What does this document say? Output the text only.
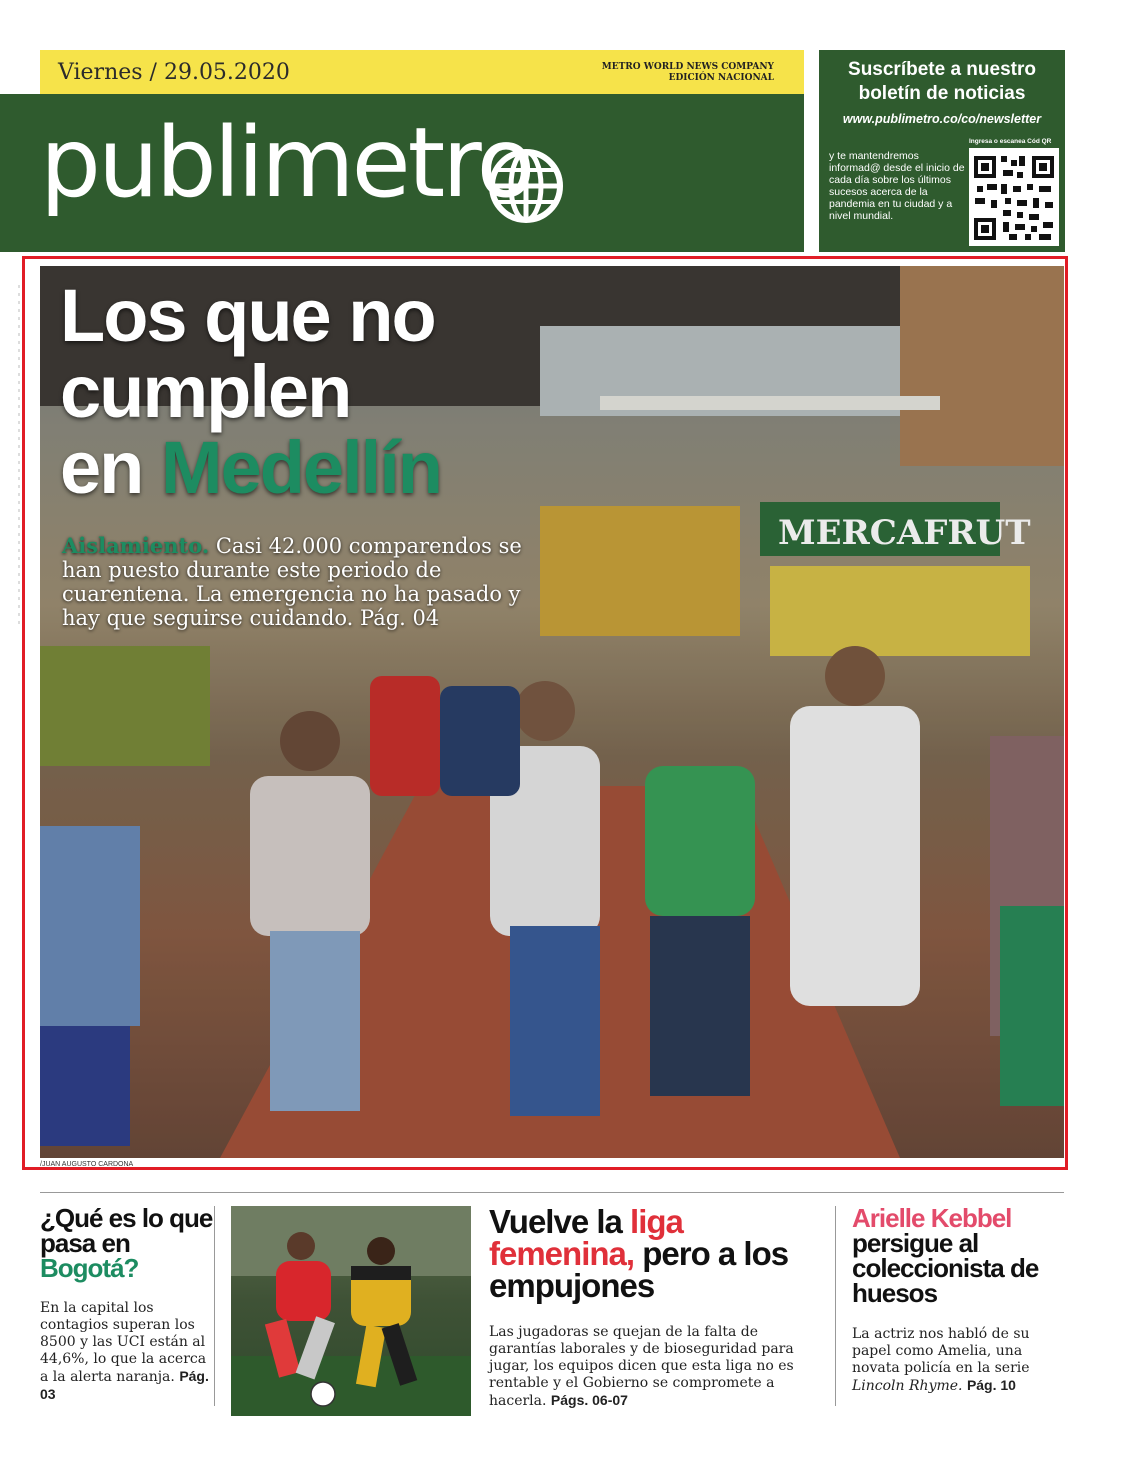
Viernes / 29.05.2020	METRO WORLD NEWS COMPANY
EDICIÓN NACIONAL
publimetro
Suscríbete a nuestro
boletín de noticias
www.publimetro.co/co/newsletter
Ingresa o escanea Cód QR
y te mantendremos informad@ desde el inicio de cada día sobre los últimos sucesos acerca de la pandemia en tu ciudad y a nivel mundial.
Los que no
cumplen
en Medellín
Aislamiento. Casi 42.000 comparendos se han puesto durante este periodo de cuarentena. La emergencia no ha pasado y hay que seguirse cuidando. Pág. 04
/JUAN AUGUSTO CARDONA
¿Qué es lo que pasa en Bogotá?
En la capital los contagios superan los 8500 y las UCI están al 44,6%, lo que la acerca a la alerta naranja. Pág. 03
Vuelve la liga femenina, pero a los empujones
Las jugadoras se quejan de la falta de garantías laborales y de bioseguridad para jugar, los equipos dicen que esta liga no es rentable y el Gobierno se compromete a hacerla. Págs. 06-07
Arielle Kebbel persigue al coleccionista de huesos
La actriz nos habló de su papel como Amelia, una novata policía en la serie Lincoln Rhyme. Pág. 10
